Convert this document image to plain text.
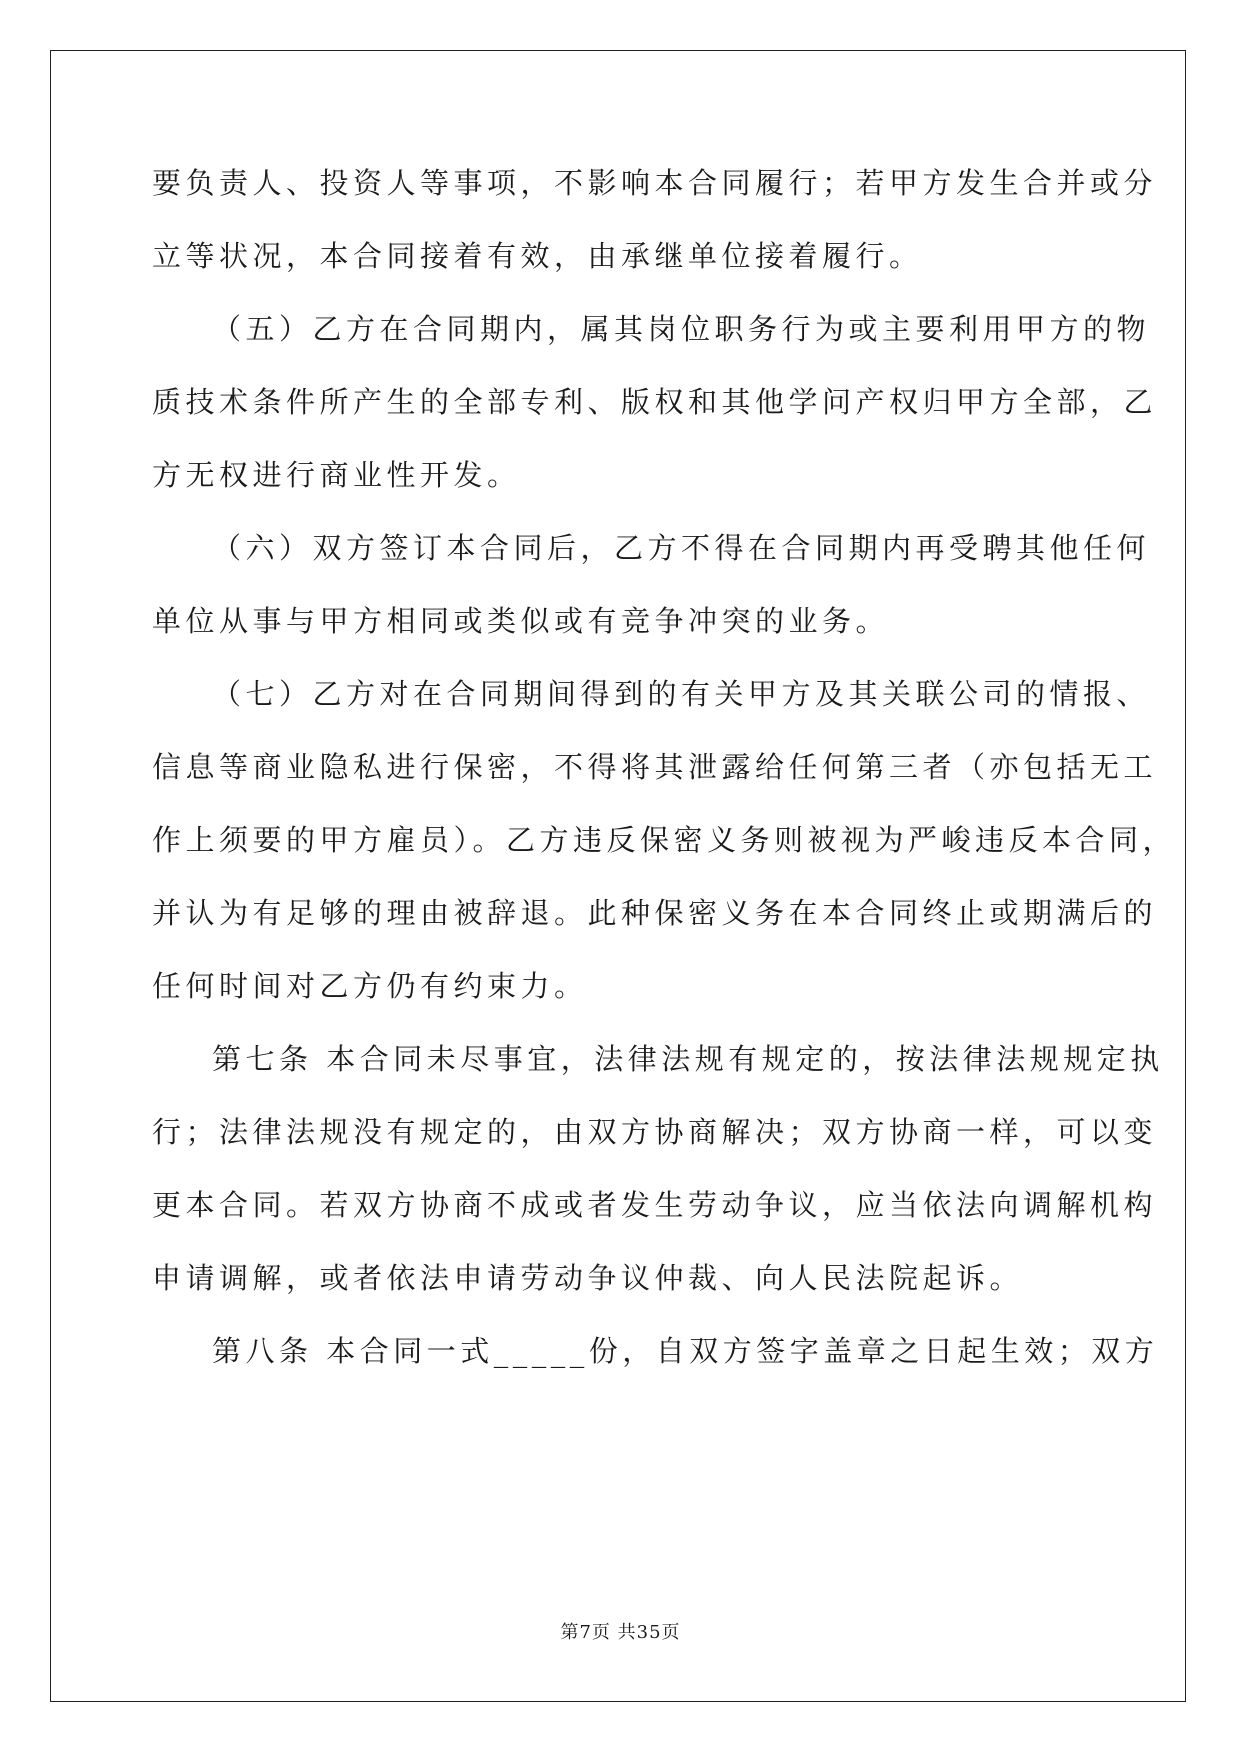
要负责人、投资人等事项，不影响本合同履行；若甲方发生合并或分
立等状况，本合同接着有效，由承继单位接着履行。
（五）乙方在合同期内，属其岗位职务行为或主要利用甲方的物
质技术条件所产生的全部专利、版权和其他学问产权归甲方全部，乙
方无权进行商业性开发。
（六）双方签订本合同后，乙方不得在合同期内再受聘其他任何
单位从事与甲方相同或类似或有竞争冲突的业务。
（七）乙方对在合同期间得到的有关甲方及其关联公司的情报、
信息等商业隐私进行保密，不得将其泄露给任何第三者（亦包括无工
作上须要的甲方雇员）。乙方违反保密义务则被视为严峻违反本合同，
并认为有足够的理由被辞退。此种保密义务在本合同终止或期满后的
任何时间对乙方仍有约束力。
第七条 本合同未尽事宜，法律法规有规定的，按法律法规规定执
行；法律法规没有规定的，由双方协商解决；双方协商一样，可以变
更本合同。若双方协商不成或者发生劳动争议，应当依法向调解机构
申请调解，或者依法申请劳动争议仲裁、向人民法院起诉。
第八条 本合同一式_____份，自双方签字盖章之日起生效；双方
第7页 共35页
